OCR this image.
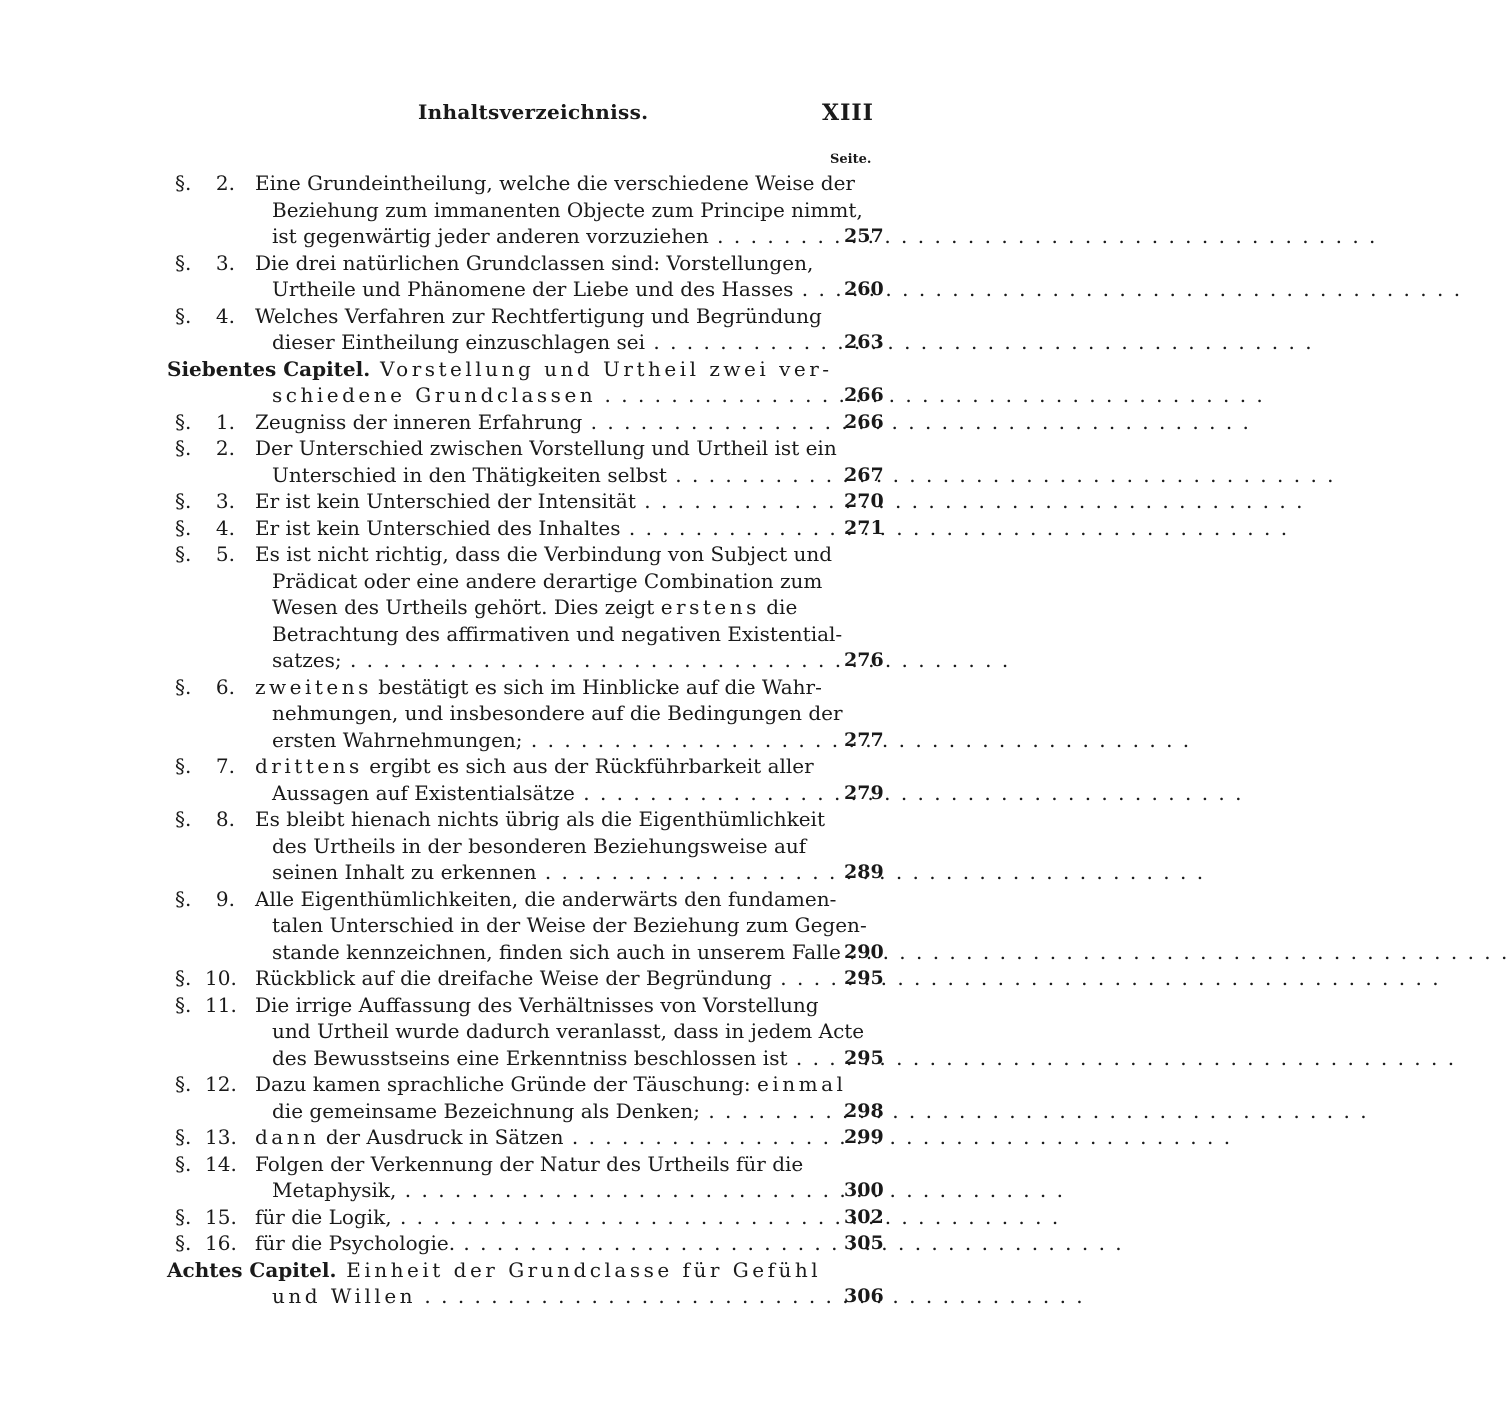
Inhaltsverzeichniss.	XIII
Seite.
§.	2. Eine Grundeintheilung, welche die verschiedene Weise der
Beziehung zum immanenten Objecte zum Principe nimmt,
ist gegenwärtig jeder anderen vorzuziehen . . .	257
§.	3. Die drei natürlichen Grundclassen sind: Vorstellungen,
Urtheile und Phänomene der Liebe und des Hasses . . .	260
§.	4. Welches Verfahren zur Rechtfertigung und Begründung
dieser Eintheilung einzuschlagen sei . . .	263
Siebentes Capitel. Vorstellung und Urtheil zwei ver-
schiedene Grundclassen . . .	266
§.	1. Zeugniss der inneren Erfahrung . . .	266
§.	2. Der Unterschied zwischen Vorstellung und Urtheil ist ein
Unterschied in den Thätigkeiten selbst . . .	267
§.	3. Er ist kein Unterschied der Intensität . . .	270
§.	4. Er ist kein Unterschied des Inhaltes . . .	271
§.	5. Es ist nicht richtig, dass die Verbindung von Subject und
Prädicat oder eine andere derartige Combination zum
Wesen des Urtheils gehört. Dies zeigt erstens die
Betrachtung des affirmativen und negativen Existential-
satzes; . . .	276
§.	6. zweitens bestätigt es sich im Hinblicke auf die Wahr-
nehmungen, und insbesondere auf die Bedingungen der
ersten Wahrnehmungen; . . .	277
§.	7. drittens ergibt es sich aus der Rückführbarkeit aller
Aussagen auf Existentialsätze . . .	279
§.	8. Es bleibt hienach nichts übrig als die Eigenthümlichkeit
des Urtheils in der besonderen Beziehungsweise auf
seinen Inhalt zu erkennen . . .	289
§.	9. Alle Eigenthümlichkeiten, die anderwärts den fundamen-
talen Unterschied in der Weise der Beziehung zum Gegen-
stande kennzeichnen, finden sich auch in unserem Falle . . . 290
§. 10. Rückblick auf die dreifache Weise der Begründung . . .	295
§. 11. Die irrige Auffassung des Verhältnisses von Vorstellung
und Urtheil wurde dadurch veranlasst, dass in jedem Acte
des Bewusstseins eine Erkenntniss beschlossen ist . . .	295
§. 12. Dazu kamen sprachliche Gründe der Täuschung: einmal
die gemeinsame Bezeichnung als Denken; . . .	298
§. 13. dann der Ausdruck in Sätzen . . .	299
§. 14. Folgen der Verkennung der Natur des Urtheils für die
Metaphysik, . . .	300
§. 15. für die Logik, . . .	302
§. 16. für die Psychologie. . . .	305
Achtes Capitel. Einheit der Grundclasse für Gefühl
und Willen . . .	306
